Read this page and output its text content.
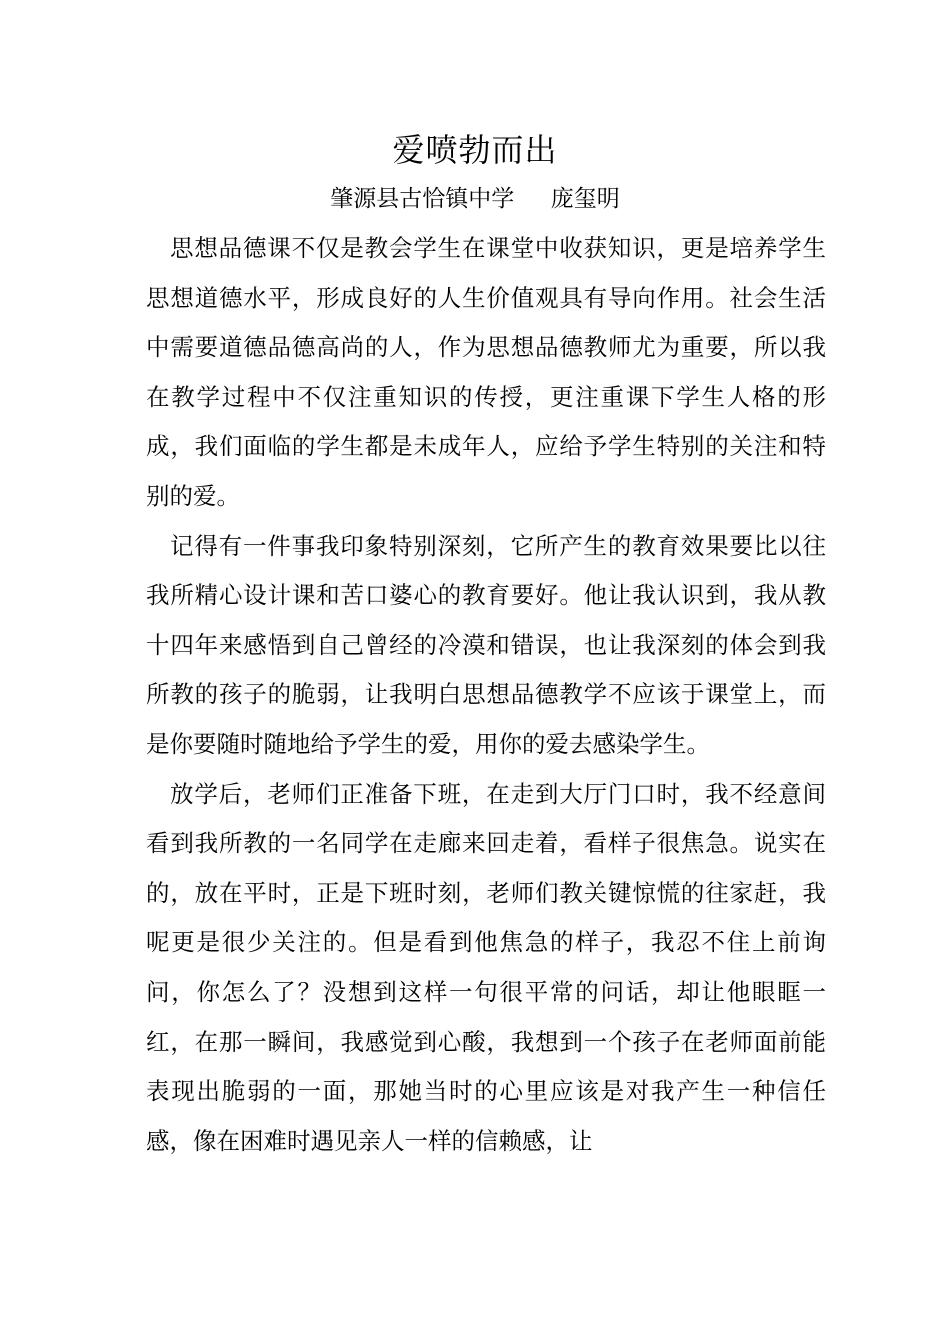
爱喷勃而出
肇源县古恰镇中学     庞玺明

思想品德课不仅是教会学生在课堂中收获知识，更是培养学生思想道德水平，形成良好的人生价值观具有导向作用。社会生活中需要道德品德高尚的人，作为思想品德教师尤为重要，所以我在教学过程中不仅注重知识的传授，更注重课下学生人格的形成，我们面临的学生都是未成年人，应给予学生特别的关注和特别的爱。

记得有一件事我印象特别深刻，它所产生的教育效果要比以往我所精心设计课和苦口婆心的教育要好。他让我认识到，我从教十四年来感悟到自己曾经的冷漠和错误，也让我深刻的体会到我所教的孩子的脆弱，让我明白思想品德教学不应该于课堂上，而是你要随时随地给予学生的爱，用你的爱去感染学生。

放学后，老师们正准备下班，在走到大厅门口时，我不经意间看到我所教的一名同学在走廊来回走着，看样子很焦急。说实在的，放在平时，正是下班时刻，老师们教关键惊慌的往家赶，我呢更是很少关注的。但是看到他焦急的样子，我忍不住上前询问，你怎么了？没想到这样一句很平常的问话，却让他眼眶一红，在那一瞬间，我感觉到心酸，我想到一个孩子在老师面前能表现出脆弱的一面，那她当时的心里应该是对我产生一种信任感，像在困难时遇见亲人一样的信赖感，让
